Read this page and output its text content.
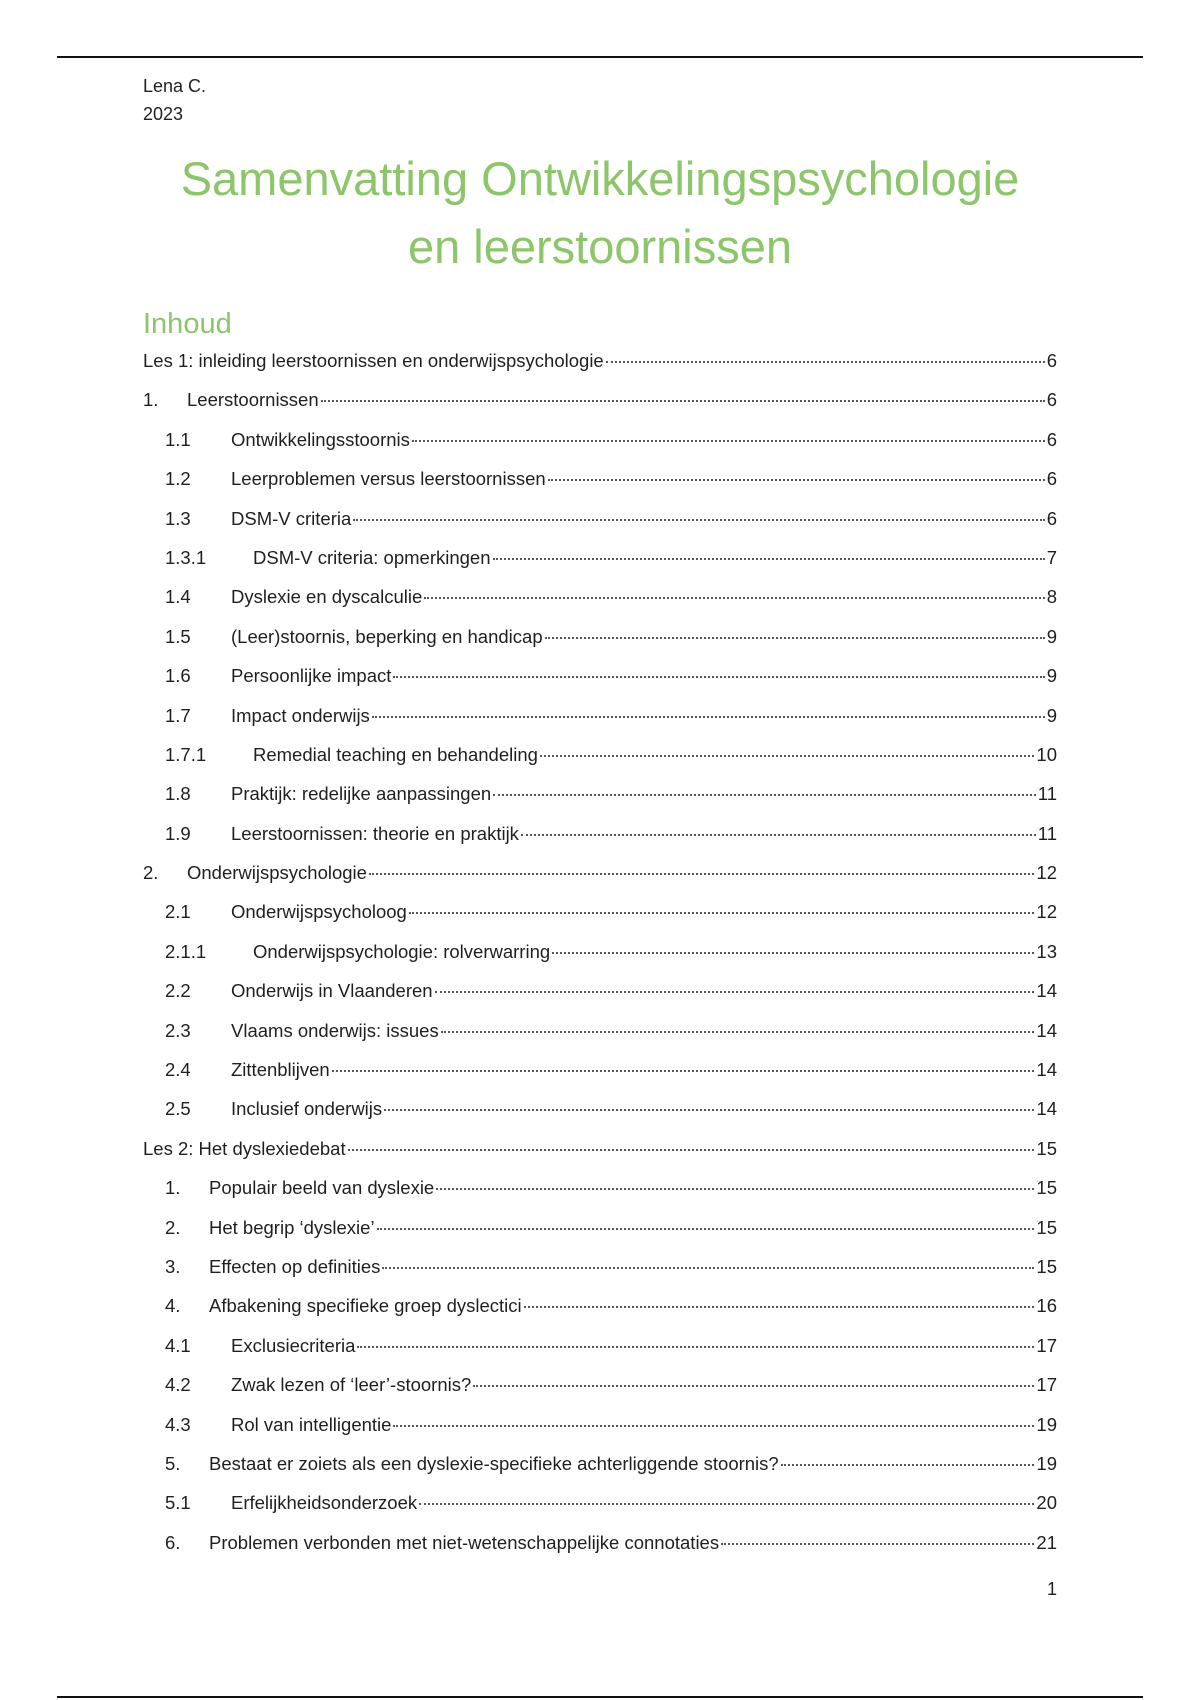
Lena C.
2023
Samenvatting Ontwikkelingspsychologie
en leerstoornissen
Inhoud
Les 1: inleiding leerstoornissen en onderwijspsychologie	6
1.	Leerstoornissen	6
1.1	Ontwikkelingsstoornis	6
1.2	Leerproblemen versus leerstoornissen	6
1.3	DSM-V criteria	6
1.3.1	DSM-V criteria: opmerkingen	7
1.4	Dyslexie en dyscalculie	8
1.5	(Leer)stoornis, beperking en handicap	9
1.6	Persoonlijke impact	9
1.7	Impact onderwijs	9
1.7.1	Remedial teaching en behandeling	10
1.8	Praktijk: redelijke aanpassingen	11
1.9	Leerstoornissen: theorie en praktijk	11
2.	Onderwijspsychologie	12
2.1	Onderwijspsycholoog	12
2.1.1	Onderwijspsychologie: rolverwarring	13
2.2	Onderwijs in Vlaanderen	14
2.3	Vlaams onderwijs: issues	14
2.4	Zittenblijven	14
2.5	Inclusief onderwijs	14
Les 2: Het dyslexiedebat	15
1.	Populair beeld van dyslexie	15
2.	Het begrip ‘dyslexie’	15
3.	Effecten op definities	15
4.	Afbakening specifieke groep dyslectici	16
4.1	Exclusiecriteria	17
4.2	Zwak lezen of ‘leer’-stoornis?	17
4.3	Rol van intelligentie	19
5.	Bestaat er zoiets als een dyslexie-specifieke achterliggende stoornis?	19
5.1	Erfelijkheidsonderzoek	20
6.	Problemen verbonden met niet-wetenschappelijke connotaties	21
1
